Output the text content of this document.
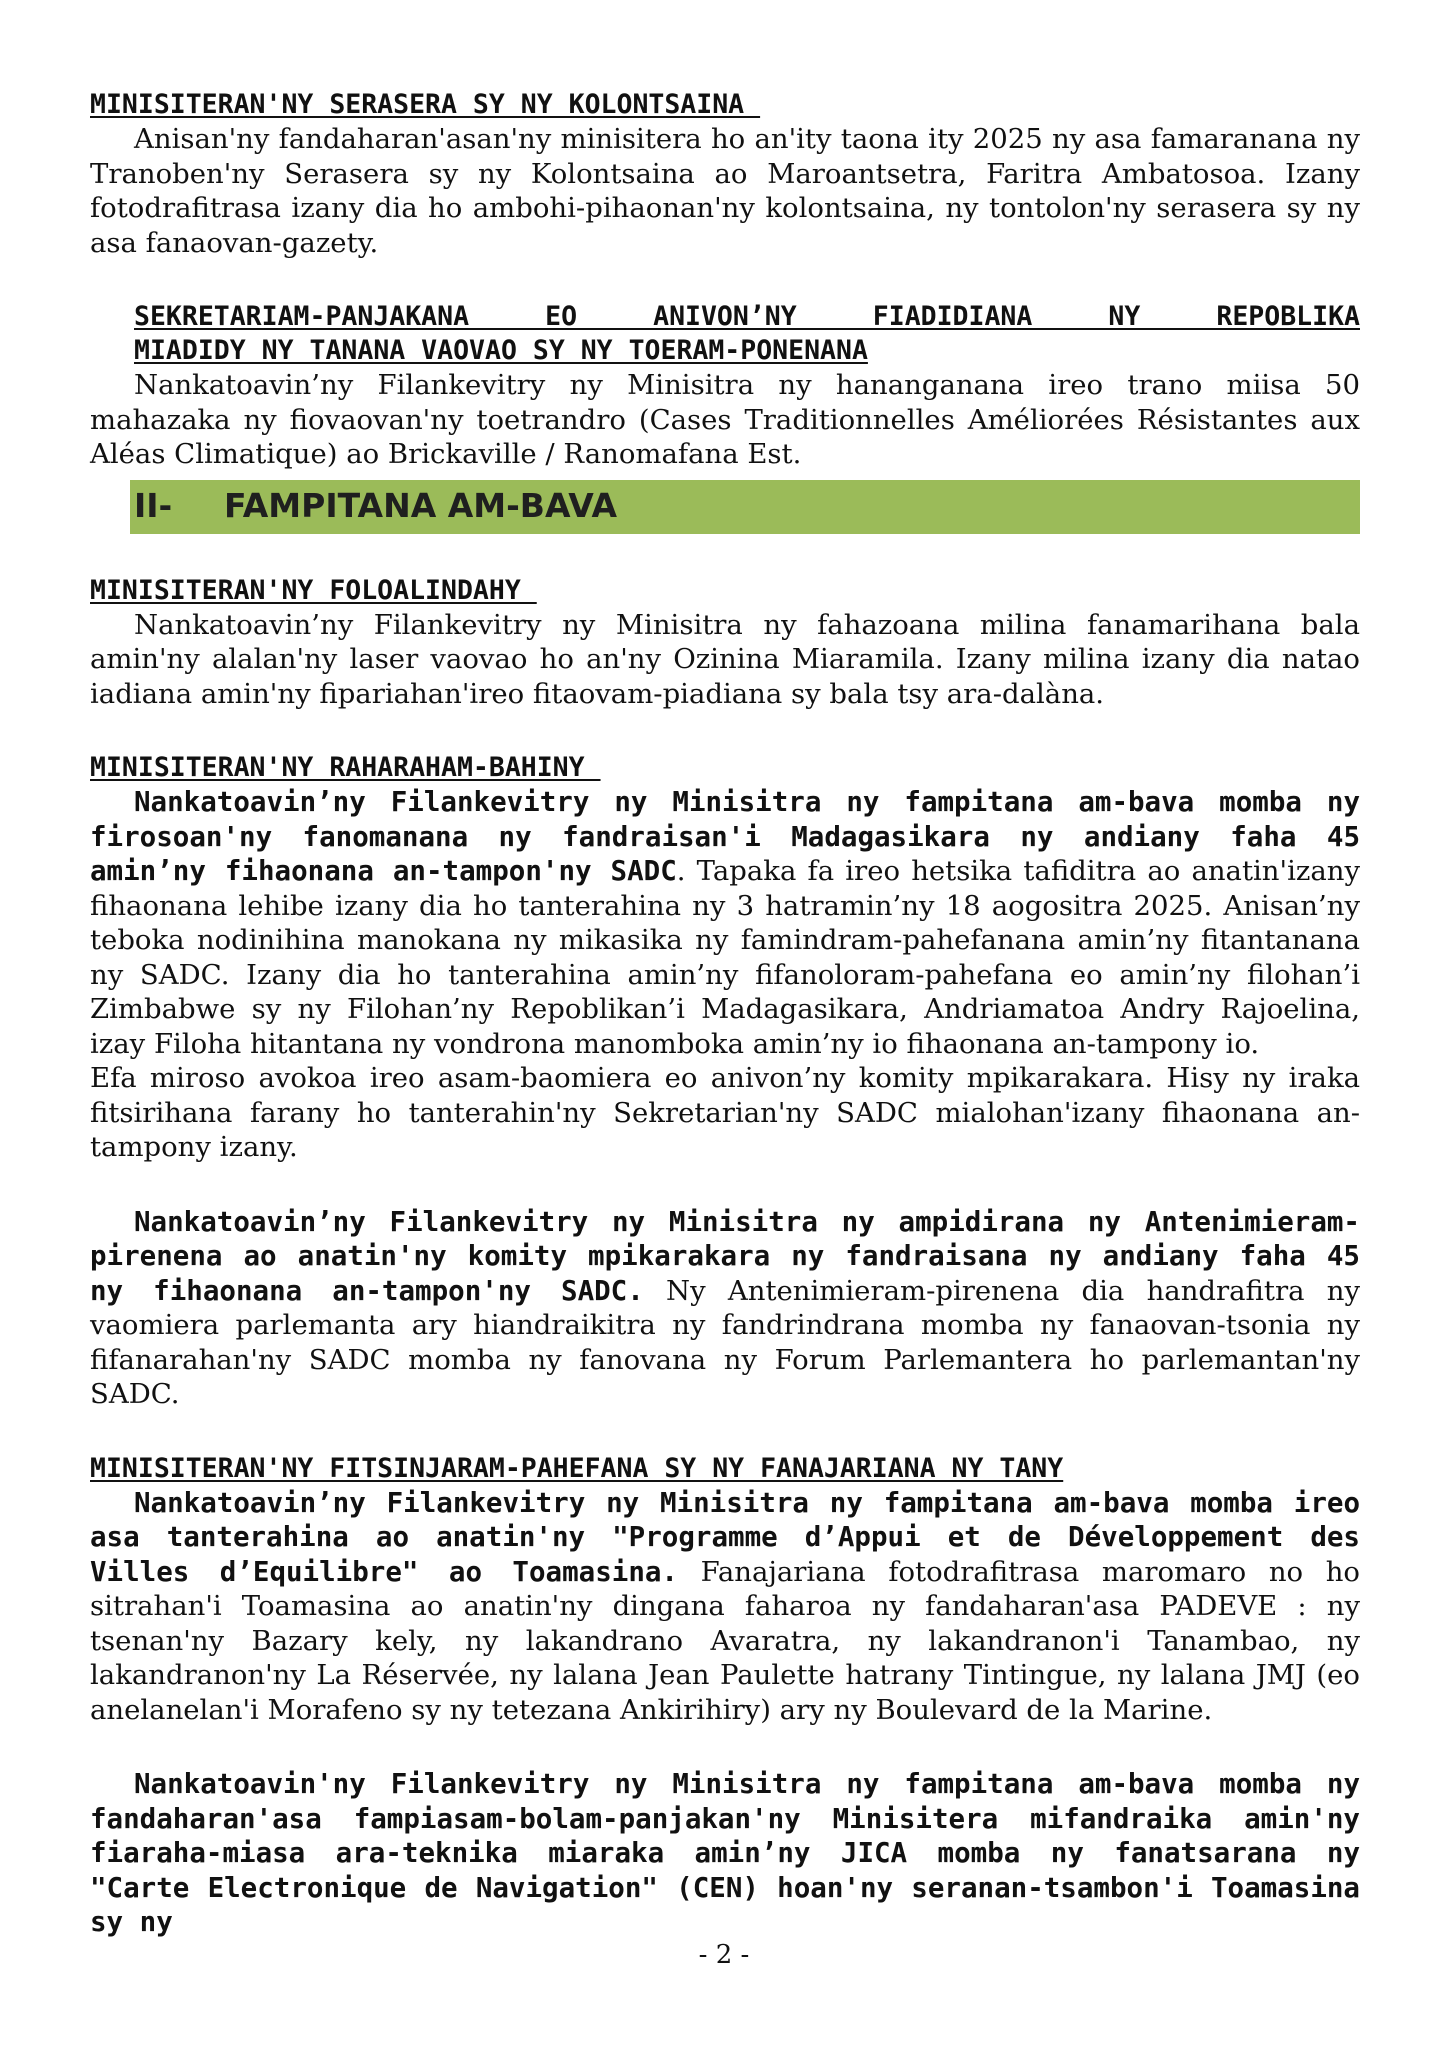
MINISITERAN'NY SERASERA SY NY KOLONTSAINA

Anisan'ny fandaharan'asan'ny minisitera ho an'ity taona ity 2025 ny asa famaranana ny Tranoben'ny Serasera sy ny Kolontsaina ao Maroantsetra, Faritra Ambatosoa. Izany fotodrafitrasa izany dia ho ambohi-pihaonan'ny kolontsaina, ny tontolon'ny serasera sy ny asa fanaovan-gazety.

SEKRETARIAM-PANJAKANA EO ANIVON’NY FIADIDIANA NY REPOBLIKA
MIADIDY NY TANANA VAOVAO SY NY TOERAM-PONENANA

Nankatoavin’ny Filankevitry ny Minisitra ny hananganana ireo trano miisa 50 mahazaka ny fiovaovan'ny toetrandro (Cases Traditionnelles Améliorées Résistantes aux Aléas Climatique) ao Brickaville / Ranomafana Est.

II-	FAMPITANA AM-BAVA
MINISITERAN'NY FOLOALINDAHY

Nankatoavin’ny Filankevitry ny Minisitra ny fahazoana milina fanamarihana bala amin'ny alalan'ny laser vaovao ho an'ny Ozinina Miaramila. Izany milina izany dia natao iadiana amin'ny fipariahan'ireo fitaovam-piadiana sy bala tsy ara-dalàna.

MINISITERAN'NY RAHARAHAM-BAHINY

Nankatoavin’ny Filankevitry ny Minisitra ny fampitana am-bava momba ny firosoan'ny fanomanana ny fandraisan'i Madagasikara ny andiany faha 45 amin’ny fihaonana an-tampon'ny SADC. Tapaka fa ireo hetsika tafiditra ao anatin'izany fihaonana lehibe izany dia ho tanterahina ny 3 hatramin’ny 18 aogositra 2025. Anisan’ny teboka nodinihina manokana ny mikasika ny famindram-pahefanana amin’ny fitantanana ny SADC. Izany dia ho tanterahina amin’ny fifanoloram-pahefana eo amin’ny filohan’i Zimbabwe sy ny Filohan’ny Repoblikan’i Madagasikara, Andriamatoa Andry Rajoelina, izay Filoha hitantana ny vondrona manomboka amin’ny io fihaonana an-tampony io.

Efa miroso avokoa ireo asam-baomiera eo anivon’ny komity mpikarakara. Hisy ny iraka fitsirihana farany ho tanterahin'ny Sekretarian'ny SADC mialohan'izany fihaonana an-tampony izany.

Nankatoavin’ny Filankevitry ny Minisitra ny ampidirana ny Antenimieram-pirenena ao anatin'ny komity mpikarakara ny fandraisana ny andiany faha 45 ny fihaonana an-tampon'ny SADC. Ny Antenimieram-pirenena dia handrafitra ny vaomiera parlemanta ary hiandraikitra ny fandrindrana momba ny fanaovan-tsonia ny fifanarahan'ny SADC momba ny fanovana ny Forum Parlemantera ho parlemantan'ny SADC.

MINISITERAN'NY FITSINJARAM-PAHEFANA SY NY FANAJARIANA NY TANY

Nankatoavin’ny Filankevitry ny Minisitra ny fampitana am-bava momba ireo asa tanterahina ao anatin'ny "Programme d’Appui et de Développement des Villes d’Equilibre" ao Toamasina. Fanajariana fotodrafitrasa maromaro no ho sitrahan'i Toamasina ao anatin'ny dingana faharoa ny fandaharan'asa PADEVE : ny tsenan'ny Bazary kely, ny lakandrano Avaratra, ny lakandranon'i Tanambao, ny lakandranon'ny La Réservée, ny lalana Jean Paulette hatrany Tintingue, ny lalana JMJ (eo anelanelan'i Morafeno sy ny tetezana Ankirihiry) ary ny Boulevard de la Marine.

Nankatoavin'ny Filankevitry ny Minisitra ny fampitana am-bava momba ny fandaharan'asa fampiasam-bolam-panjakan'ny Minisitera mifandraika amin'ny fiaraha-miasa ara-teknika miaraka amin’ny JICA momba ny fanatsarana ny "Carte Electronique de Navigation" (CEN) hoan'ny seranan-tsambon'i Toamasina sy ny

- 2 -
